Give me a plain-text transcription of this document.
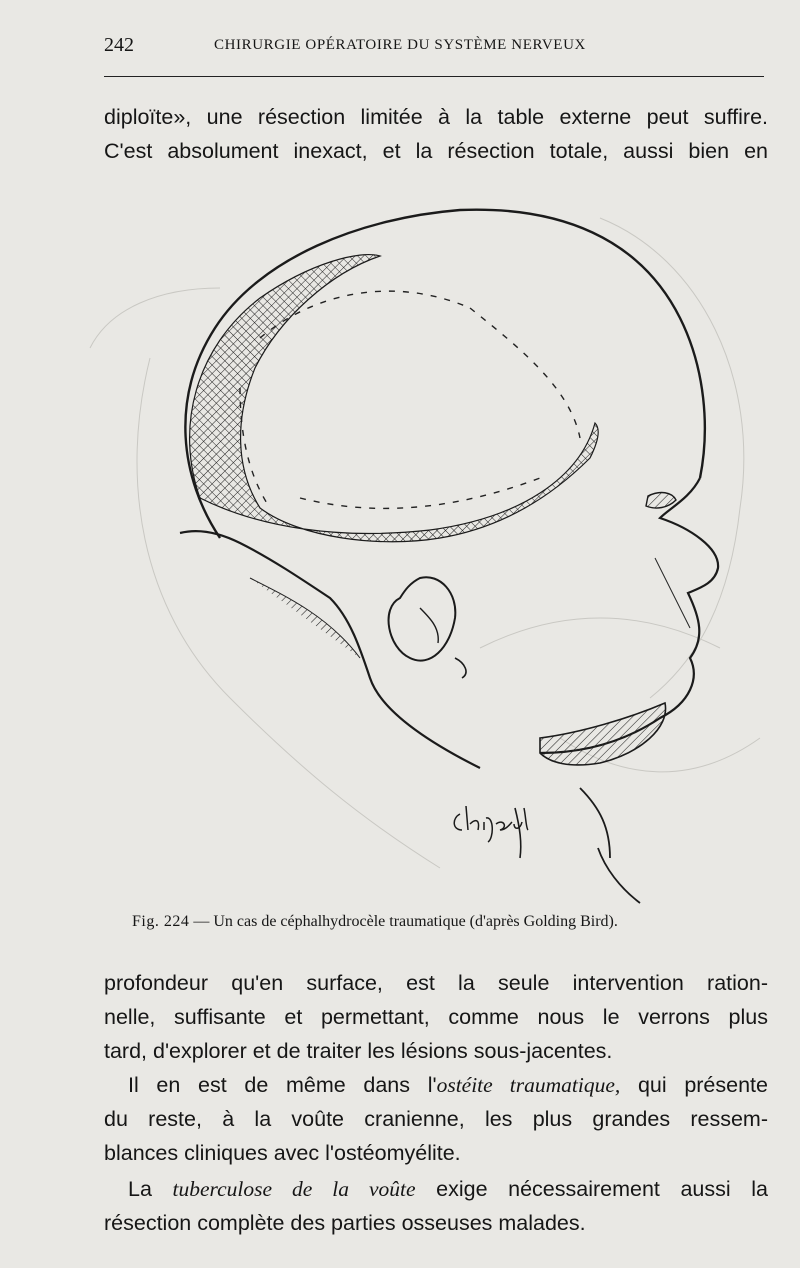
242	CHIRURGIE OPÉRATOIRE DU SYSTÈME NERVEUX
diploïte», une résection limitée à la table externe peut suffire.
C'est absolument inexact, et la résection totale, aussi bien en
Fig. 224 — Un cas de céphalhydrocèle traumatique (d'après Golding Bird).
profondeur qu'en surface, est la seule intervention ration-
nelle, suffisante et permettant, comme nous le verrons plus
tard, d'explorer et de traiter les lésions sous-jacentes.
Il en est de même dans l'ostéite traumatique, qui présente
du reste, à la voûte cranienne, les plus grandes ressem-
blances cliniques avec l'ostéomyélite.
La tuberculose de la voûte exige nécessairement aussi la
résection complète des parties osseuses malades.
